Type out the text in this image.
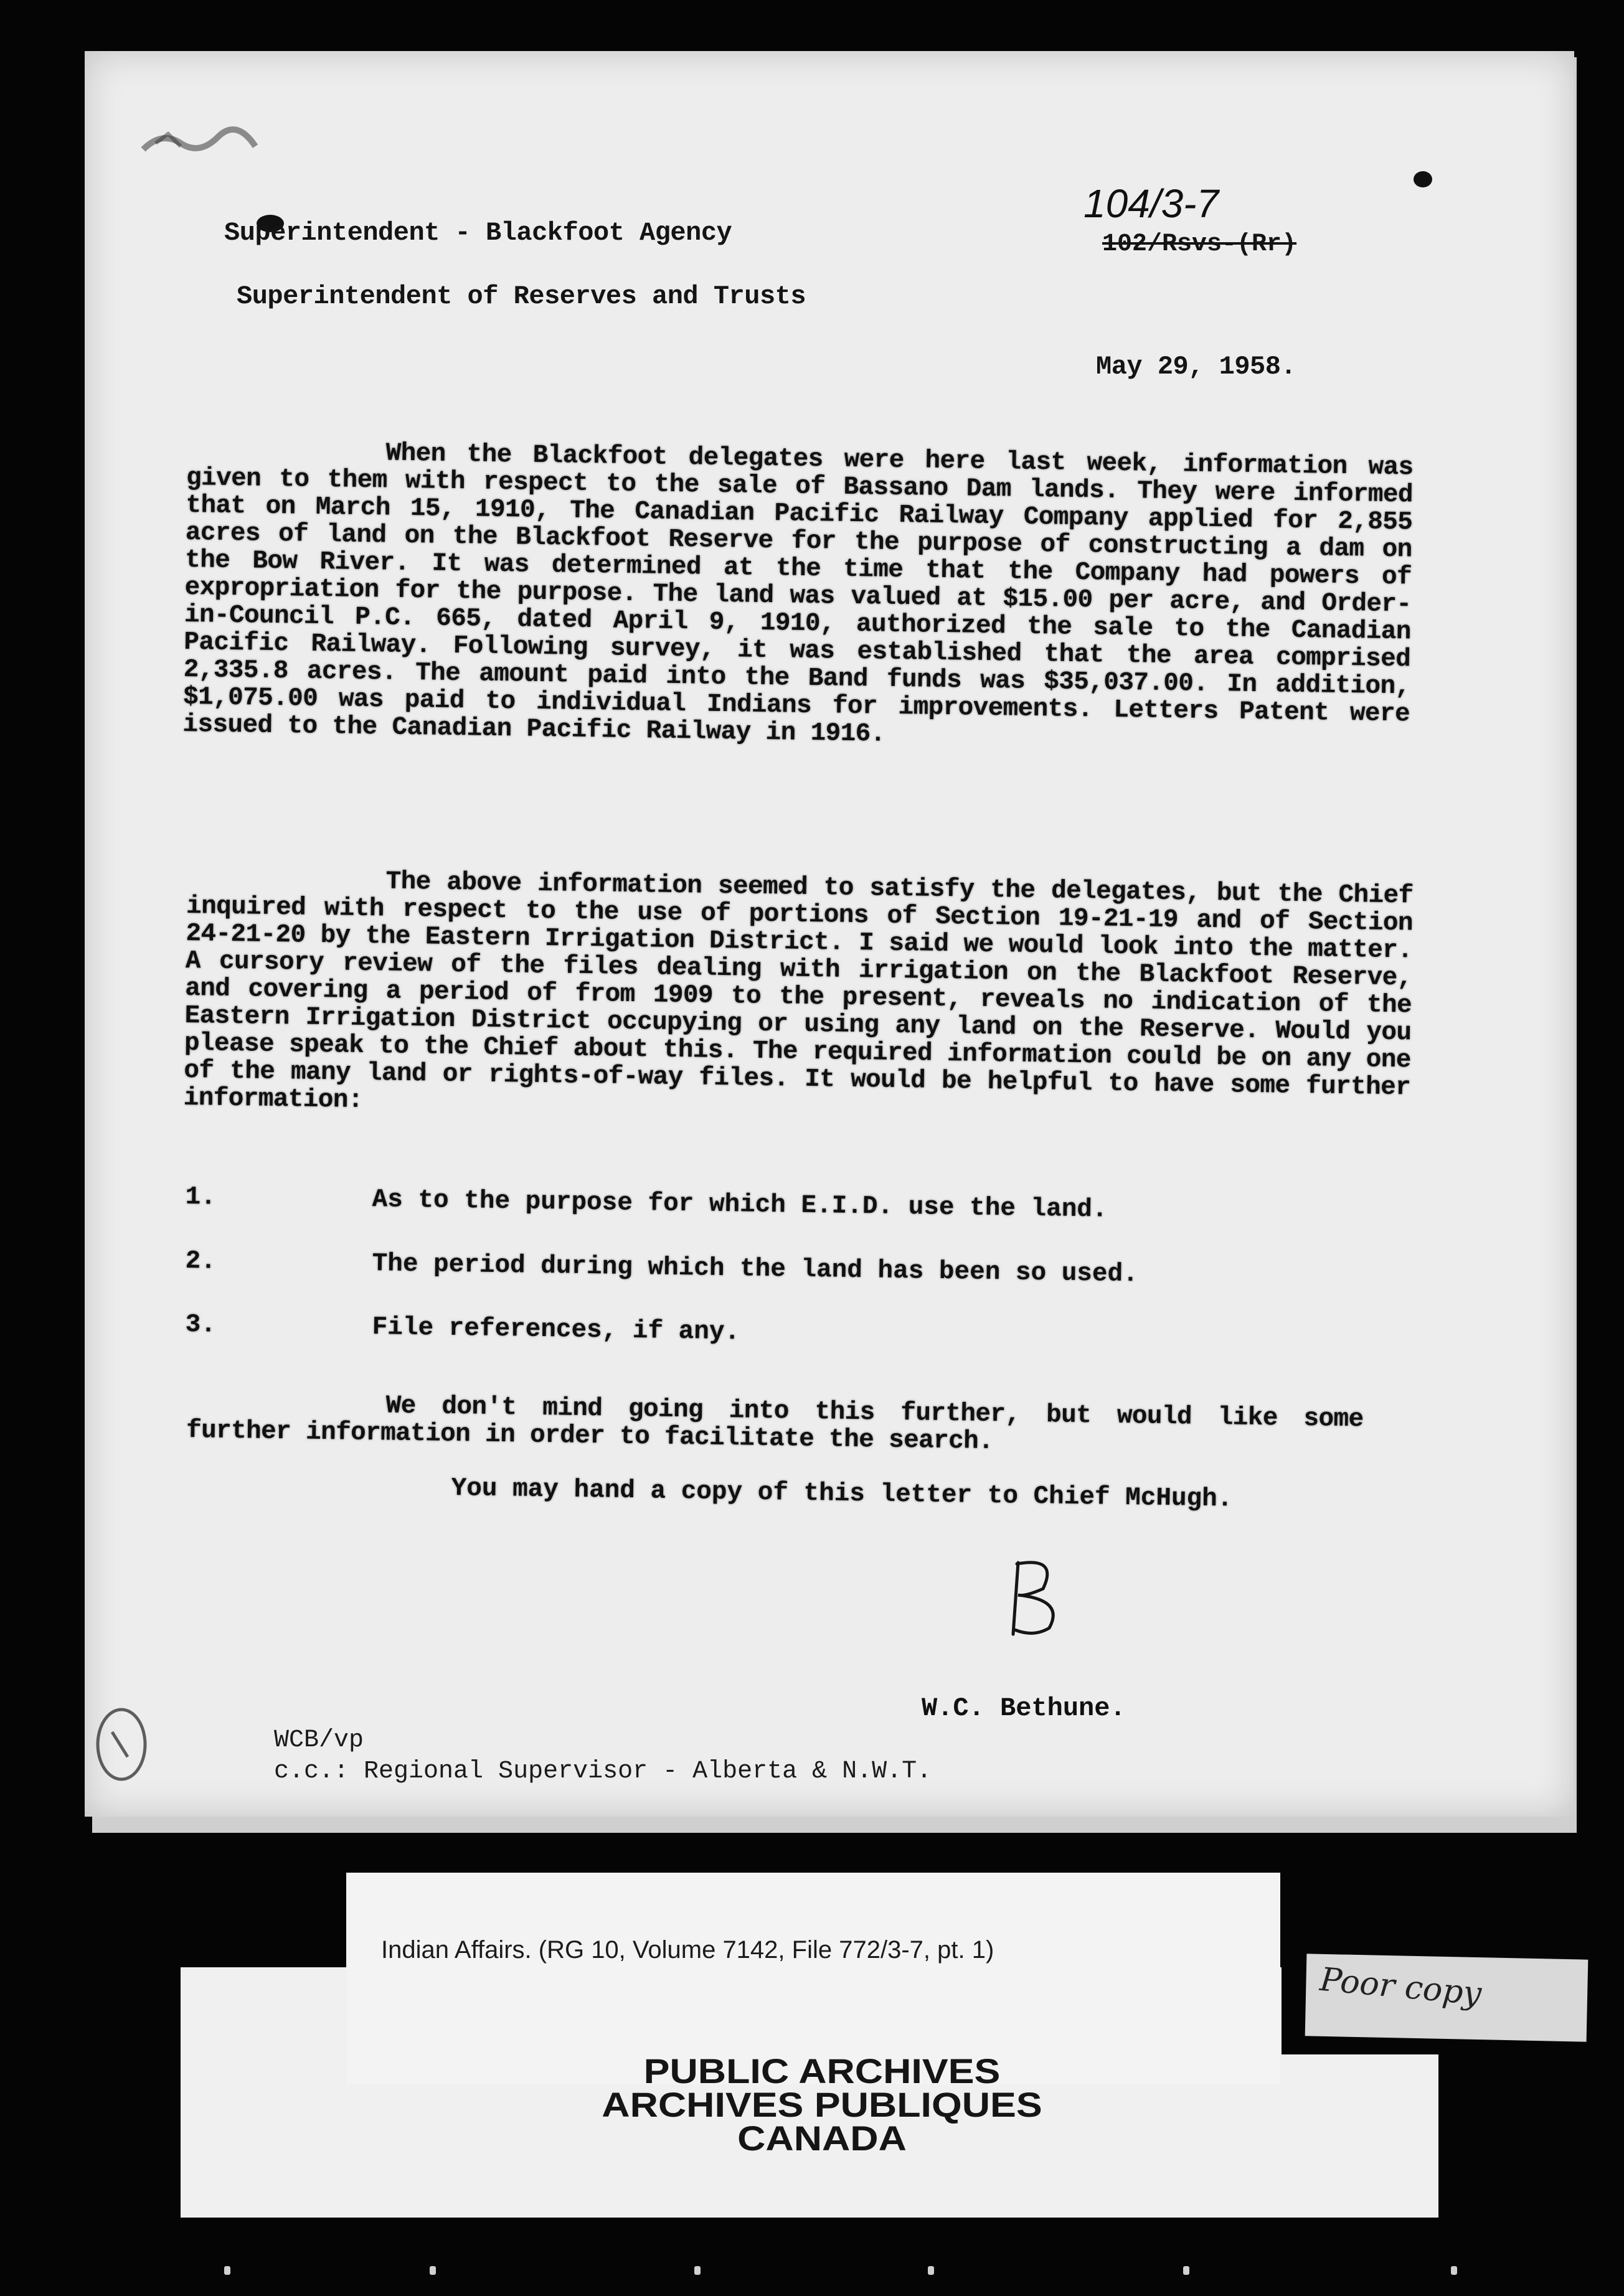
Superintendent - Blackfoot Agency
Superintendent of Reserves and Trusts
104/3-7
102/Rsvs-(Rr)
May 29, 1958.
When the Blackfoot delegates were here last week, information was given to them with respect to the sale of Bassano Dam lands. They were informed that on March 15, 1910, The Canadian Pacific Railway Company applied for 2,855 acres of land on the Blackfoot Reserve for the purpose of constructing a dam on the Bow River. It was determined at the time that the Company had powers of expropriation for the purpose. The land was valued at $15.00 per acre, and Order-in-Council P.C. 665, dated April 9, 1910, authorized the sale to the Canadian Pacific Railway. Following survey, it was established that the area comprised 2,335.8 acres. The amount paid into the Band funds was $35,037.00. In addition, $1,075.00 was paid to individual Indians for improvements. Letters Patent were issued to the Canadian Pacific Railway in 1916.
The above information seemed to satisfy the delegates, but the Chief inquired with respect to the use of portions of Section 19-21-19 and of Section 24-21-20 by the Eastern Irrigation District. I said we would look into the matter. A cursory review of the files dealing with irrigation on the Blackfoot Reserve, and covering a period of from 1909 to the present, reveals no indication of the Eastern Irrigation District occupying or using any land on the Reserve. Would you please speak to the Chief about this. The required information could be on any one of the many land or rights-of-way files. It would be helpful to have some further information:
1.	As to the purpose for which E.I.D. use the land.
2.	The period during which the land has been so used.
3.	File references, if any.
We don't mind going into this further, but would like some further information in order to facilitate the search.
You may hand a copy of this letter to Chief McHugh.
W.C. Bethune.
WCB/vp
c.c.: Regional Supervisor - Alberta & N.W.T.
Indian Affairs. (RG 10, Volume 7142, File 772/3-7, pt. 1)
PUBLIC ARCHIVES
ARCHIVES PUBLIQUES
CANADA
Poor copy
